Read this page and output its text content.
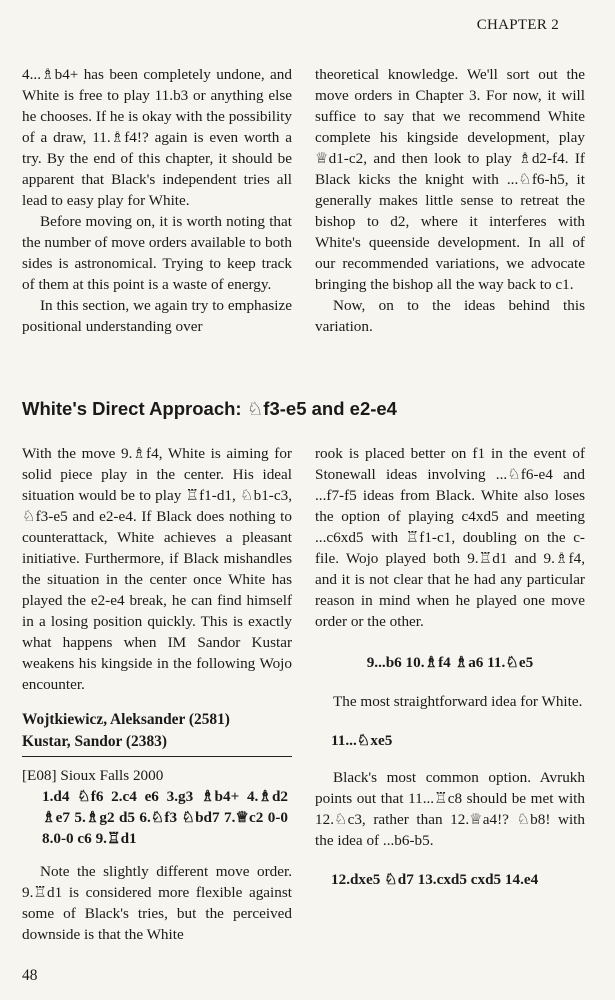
CHAPTER 2

4...♗b4+ has been completely undone, and White is free to play 11.b3 or anything else he chooses. If he is okay with the possibility of a draw, 11.♗f4!? again is even worth a try. By the end of this chapter, it should be apparent that Black's independent tries all lead to easy play for White.

Before moving on, it is worth noting that the number of move orders available to both sides is astronomical. Trying to keep track of them at this point is a waste of energy.

In this section, we again try to emphasize positional understanding over

theoretical knowledge. We'll sort out the move orders in Chapter 3. For now, it will suffice to say that we recommend White complete his kingside development, play ♕d1-c2, and then look to play ♗d2-f4. If Black kicks the knight with ...♘f6-h5, it generally makes little sense to retreat the bishop to d2, where it interferes with White's queenside development. In all of our recommended variations, we advocate bringing the bishop all the way back to c1.

Now, on to the ideas behind this variation.

White's Direct Approach: ♘f3-e5 and e2-e4

With the move 9.♗f4, White is aiming for solid piece play in the center. His ideal situation would be to play ♖f1-d1, ♘b1-c3, ♘f3-e5 and e2-e4. If Black does nothing to counterattack, White achieves a pleasant initiative. Furthermore, if Black mishandles the situation in the center once White has played the e2-e4 break, he can find himself in a losing position quickly. This is exactly what happens when IM Sandor Kustar weakens his kingside in the following Wojo encounter.

Wojtkiewicz, Aleksander (2581)
Kustar, Sandor (2383)

[E08] Sioux Falls 2000

1.d4 ♘f6 2.c4 e6 3.g3 ♗b4+ 4.♗d2 ♗e7 5.♗g2 d5 6.♘f3 ♘bd7 7.♕c2 0-0 8.0-0 c6 9.♖d1

Note the slightly different move order. 9.♖d1 is considered more flexible against some of Black's tries, but the perceived downside is that the White

rook is placed better on f1 in the event of Stonewall ideas involving ...♘f6-e4 and ...f7-f5 ideas from Black. White also loses the option of playing c4xd5 and meeting ...c6xd5 with ♖f1-c1, doubling on the c-file. Wojo played both 9.♖d1 and 9.♗f4, and it is not clear that he had any particular reason in mind when he played one move order or the other.

9...b6 10.♗f4 ♗a6 11.♘e5

The most straightforward idea for White.

11...♘xe5

Black's most common option. Avrukh points out that 11...♖c8 should be met with 12.♘c3, rather than 12.♕a4!? ♘b8! with the idea of ...b6-b5.

12.dxe5 ♘d7 13.cxd5 cxd5 14.e4

48
